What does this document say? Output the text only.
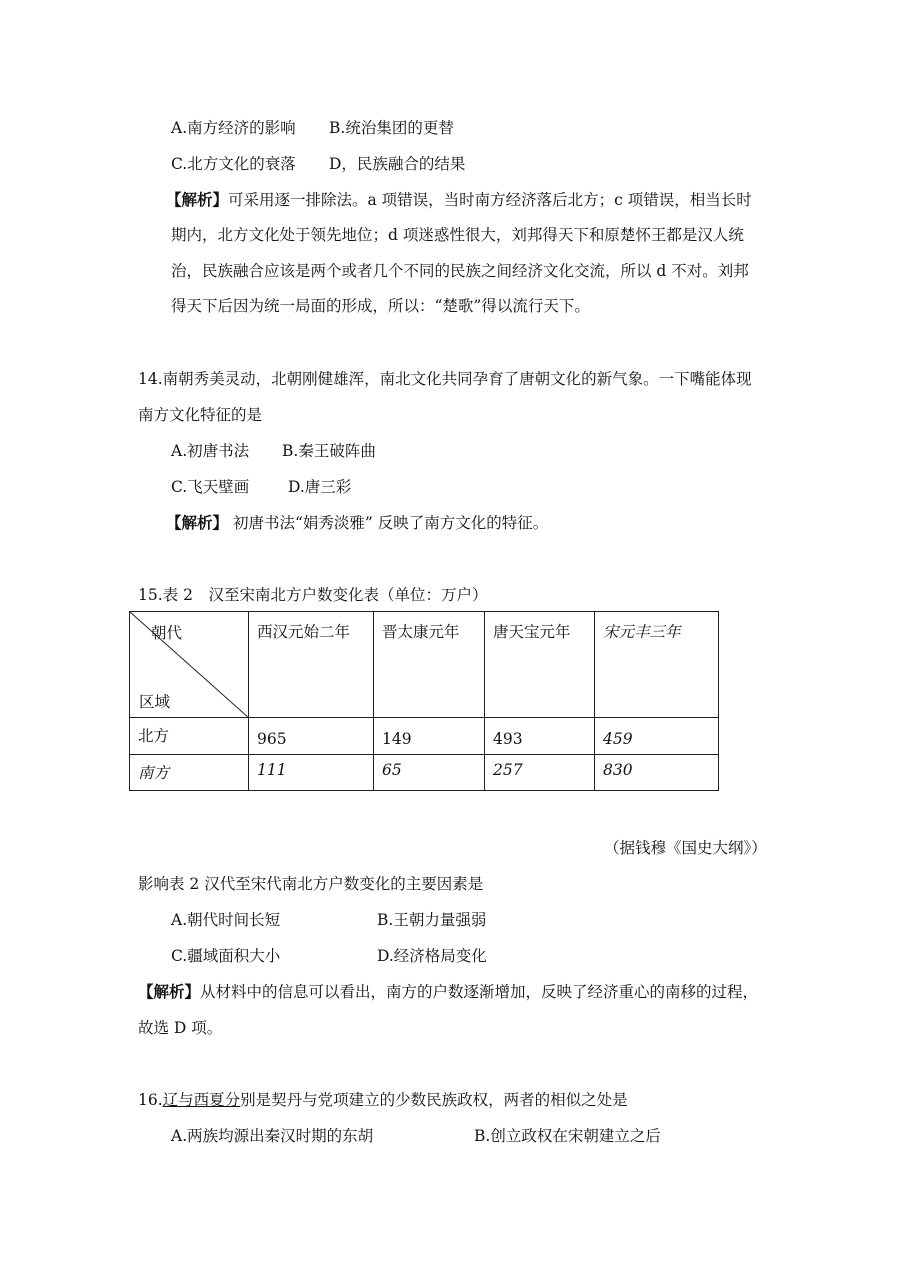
A.南方经济的影响 B.统治集团的更替
C.北方文化的衰落 D，民族融合的结果
【解析】可采用逐一排除法。a 项错误，当时南方经济落后北方；c 项错误，相当长时
期内，北方文化处于领先地位；d 项迷惑性很大，刘邦得天下和原楚怀王都是汉人统
治，民族融合应该是两个或者几个不同的民族之间经济文化交流，所以 d 不对。刘邦
得天下后因为统一局面的形成，所以：“楚歌”得以流行天下。
14.南朝秀美灵动，北朝刚健雄浑，南北文化共同孕育了唐朝文化的新气象。一下嘴能体现
南方文化特征的是
A.初唐书法 B.秦王破阵曲
C.飞天壁画	D.唐三彩
【解析】 初唐书法“娟秀淡雅” 反映了南方文化的特征。
15.表 2　汉至宋南北方户数变化表（单位：万户）
朝代
区域	西汉元始二年	晋太康元年	唐天宝元年	宋元丰三年
北方	965	149	493	459
南方	111	65	257	830
（据钱穆《国史大纲》）
影响表 2 汉代至宋代南北方户数变化的主要因素是
A.朝代时间长短	B.王朝力量强弱
C.疆域面积大小	D.经济格局变化
【解析】从材料中的信息可以看出，南方的户数逐渐增加，反映了经济重心的南移的过程，
故选 D 项。
16.辽与西夏分别是契丹与党项建立的少数民族政权，两者的相似之处是
A.两族均源出秦汉时期的东胡	B.创立政权在宋朝建立之后
